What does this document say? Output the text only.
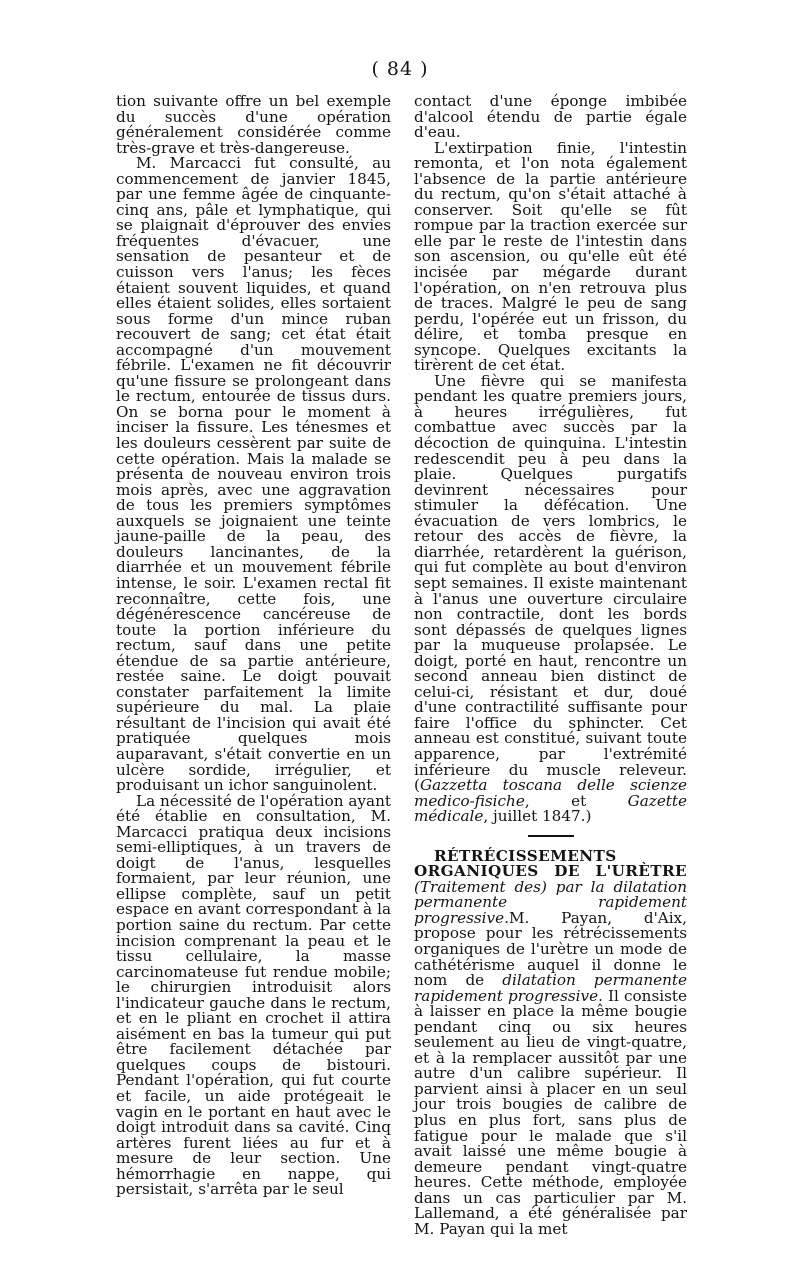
( 84 )

tion suivante offre un bel exemple du succès d'une opération généralement considérée comme très-grave et très-dangereuse.

M. Marcacci fut consulté, au commencement de janvier 1845, par une femme âgée de cinquante-cinq ans, pâle et lymphatique, qui se plaignait d'éprouver des envies fréquentes d'évacuer, une sensation de pesanteur et de cuisson vers l'anus; les fèces étaient souvent liquides, et quand elles étaient solides, elles sortaient sous forme d'un mince ruban recouvert de sang; cet état était accompagné d'un mouvement fébrile. L'examen ne fit découvrir qu'une fissure se prolongeant dans le rectum, entourée de tissus durs. On se borna pour le moment à inciser la fissure. Les ténesmes et les douleurs cessèrent par suite de cette opération. Mais la malade se présenta de nouveau environ trois mois après, avec une aggravation de tous les premiers symptômes auxquels se joignaient une teinte jaune-paille de la peau, des douleurs lancinantes, de la diarrhée et un mouvement fébrile intense, le soir. L'examen rectal fit reconnaître, cette fois, une dégénérescence cancéreuse de toute la portion inférieure du rectum, sauf dans une petite étendue de sa partie antérieure, restée saine. Le doigt pouvait constater parfaitement la limite supérieure du mal. La plaie résultant de l'incision qui avait été pratiquée quelques mois auparavant, s'était convertie en un ulcère sordide, irrégulier, et produisant un ichor sanguinolent.

La nécessité de l'opération ayant été établie en consultation, M. Marcacci pratiqua deux incisions semi-elliptiques, à un travers de doigt de l'anus, lesquelles formaient, par leur réunion, une ellipse complète, sauf un petit espace en avant correspondant à la portion saine du rectum. Par cette incision comprenant la peau et le tissu cellulaire, la masse carcinomateuse fut rendue mobile; le chirurgien introduisit alors l'indicateur gauche dans le rectum, et en le pliant en crochet il attira aisément en bas la tumeur qui put être facilement détachée par quelques coups de bistouri. Pendant l'opération, qui fut courte et facile, un aide protégeait le vagin en le portant en haut avec le doigt introduit dans sa cavité. Cinq artères furent liées au fur et à mesure de leur section. Une hémorrhagie en nappe, qui persistait, s'arrêta par le seul

contact d'une éponge imbibée d'alcool étendu de partie égale d'eau.

L'extirpation finie, l'intestin remonta, et l'on nota également l'absence de la partie antérieure du rectum, qu'on s'était attaché à conserver. Soit qu'elle se fût rompue par la traction exercée sur elle par le reste de l'intestin dans son ascension, ou qu'elle eût été incisée par mégarde durant l'opération, on n'en retrouva plus de traces. Malgré le peu de sang perdu, l'opérée eut un frisson, du délire, et tomba presque en syncope. Quelques excitants la tirèrent de cet état.

Une fièvre qui se manifesta pendant les quatre premiers jours, à heures irrégulières, fut combattue avec succès par la décoction de quinquina. L'intestin redescendit peu à peu dans la plaie. Quelques purgatifs devinrent nécessaires pour stimuler la défécation. Une évacuation de vers lombrics, le retour des accès de fièvre, la diarrhée, retardèrent la guérison, qui fut complète au bout d'environ sept semaines. Il existe maintenant à l'anus une ouverture circulaire non contractile, dont les bords sont dépassés de quelques lignes par la muqueuse prolapsée. Le doigt, porté en haut, rencontre un second anneau bien distinct de celui-ci, résistant et dur, doué d'une contractilité suffisante pour faire l'office du sphincter. Cet anneau est constitué, suivant toute apparence, par l'extrémité inférieure du muscle releveur. (Gazzetta toscana delle scienze medico-fisiche, et Gazette médicale, juillet 1847.)

RÉTRÉCISSEMENTS ORGANIQUES DE L'URÈTRE (Traitement des) par la dilatation permanente rapidement progressive.M. Payan, d'Aix, propose pour les rétrécissements organiques de l'urètre un mode de cathétérisme auquel il donne le nom de dilatation permanente rapidement progressive. Il consiste à laisser en place la même bougie pendant cinq ou six heures seulement au lieu de vingt-quatre, et à la remplacer aussitôt par une autre d'un calibre supérieur. Il parvient ainsi à placer en un seul jour trois bougies de calibre de plus en plus fort, sans plus de fatigue pour le malade que s'il avait laissé une même bougie à demeure pendant vingt-quatre heures. Cette méthode, employée dans un cas particulier par M. Lallemand, a été généralisée par M. Payan qui la met
